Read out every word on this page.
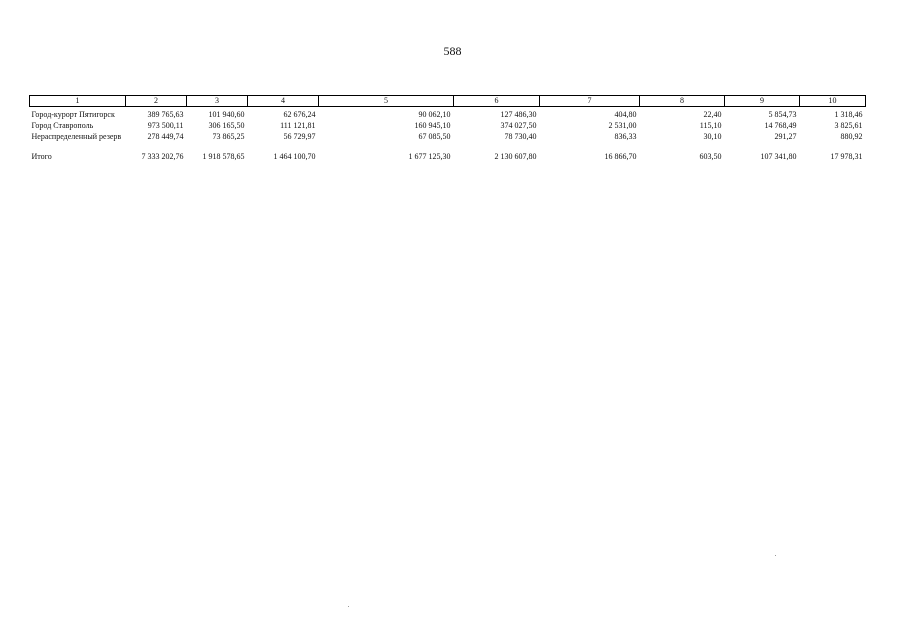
588
1	2	3	4	5	6	7	8	9	10
Город-курорт Пятигорск	389 765,63	101 940,60	62 676,24	90 062,10	127 486,30	404,80	22,40	5 854,73	1 318,46
Город Ставрополь	973 500,11	306 165,50	111 121,81	160 945,10	374 027,50	2 531,00	115,10	14 768,49	3 825,61
Нераспределенный резерв	278 449,74	73 865,25	56 729,97	67 085,50	78 730,40	836,33	30,10	291,27	880,92

Итого	7 333 202,76	1 918 578,65	1 464 100,70	1 677 125,30	2 130 607,80	16 866,70	603,50	107 341,80	17 978,31
